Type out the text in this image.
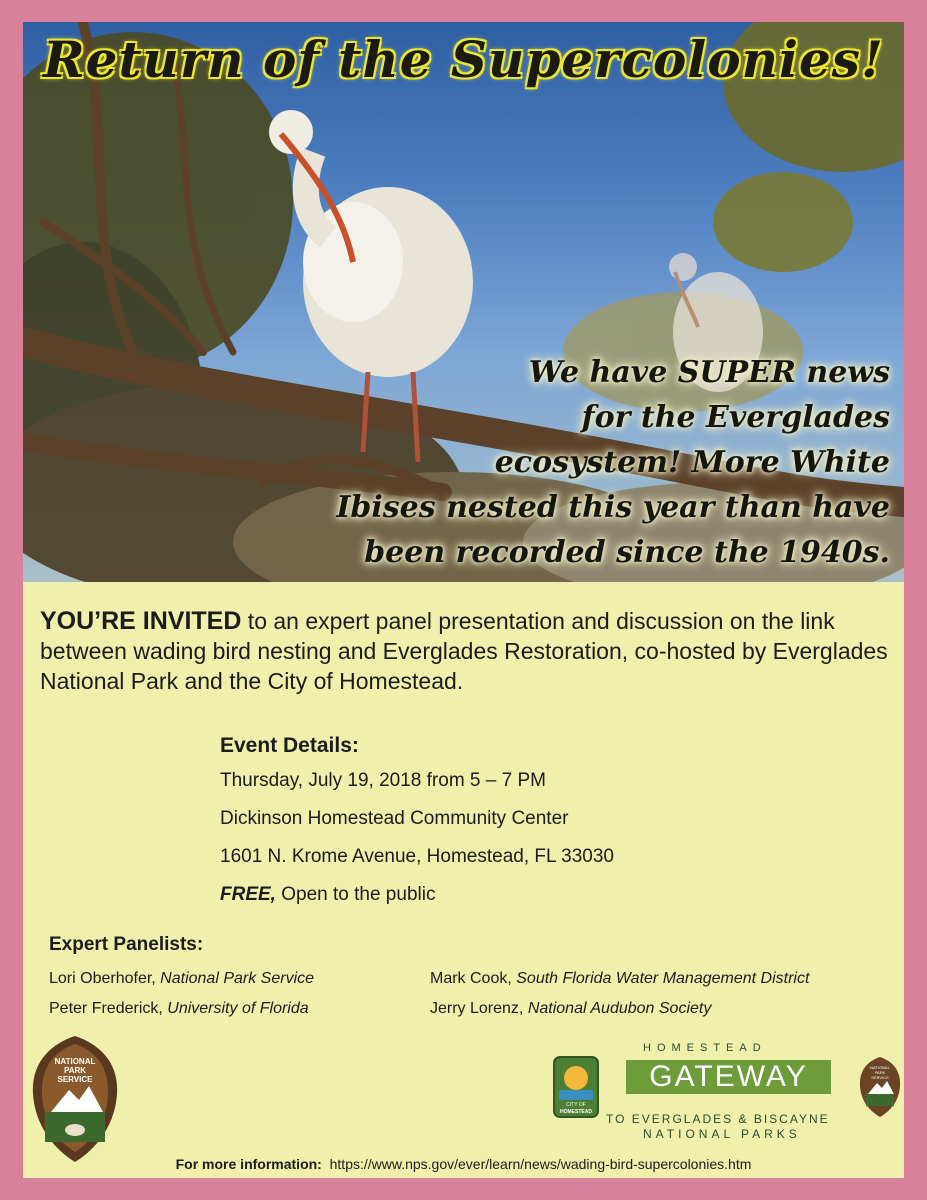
Return of the Supercolonies!
We have SUPER news
for the Everglades
ecosystem! More White
Ibises nested this year than have
been recorded since the 1940s.
YOU’RE INVITED to an expert panel presentation and discussion on the link between wading bird nesting and Everglades Restoration, co-hosted by Everglades National Park and the City of Homestead.
Event Details:
Thursday, July 19, 2018 from 5 – 7 PM
Dickinson Homestead Community Center
1601 N. Krome Avenue, Homestead, FL 33030
FREE, Open to the public
Expert Panelists:
Lori Oberhofer, National Park Service
Peter Frederick, University of Florida
Mark Cook, South Florida Water Management District
Jerry Lorenz, National Audubon Society
NATIONAL
PARK
SERVICE
CITY OF
HOMESTEAD
HOMESTEAD
GATEWAY
TO EVERGLADES & BISCAYNE
NATIONAL PARKS
NATIONAL
PARK
SERVICE
For more information: https://www.nps.gov/ever/learn/news/wading-bird-supercolonies.htm
